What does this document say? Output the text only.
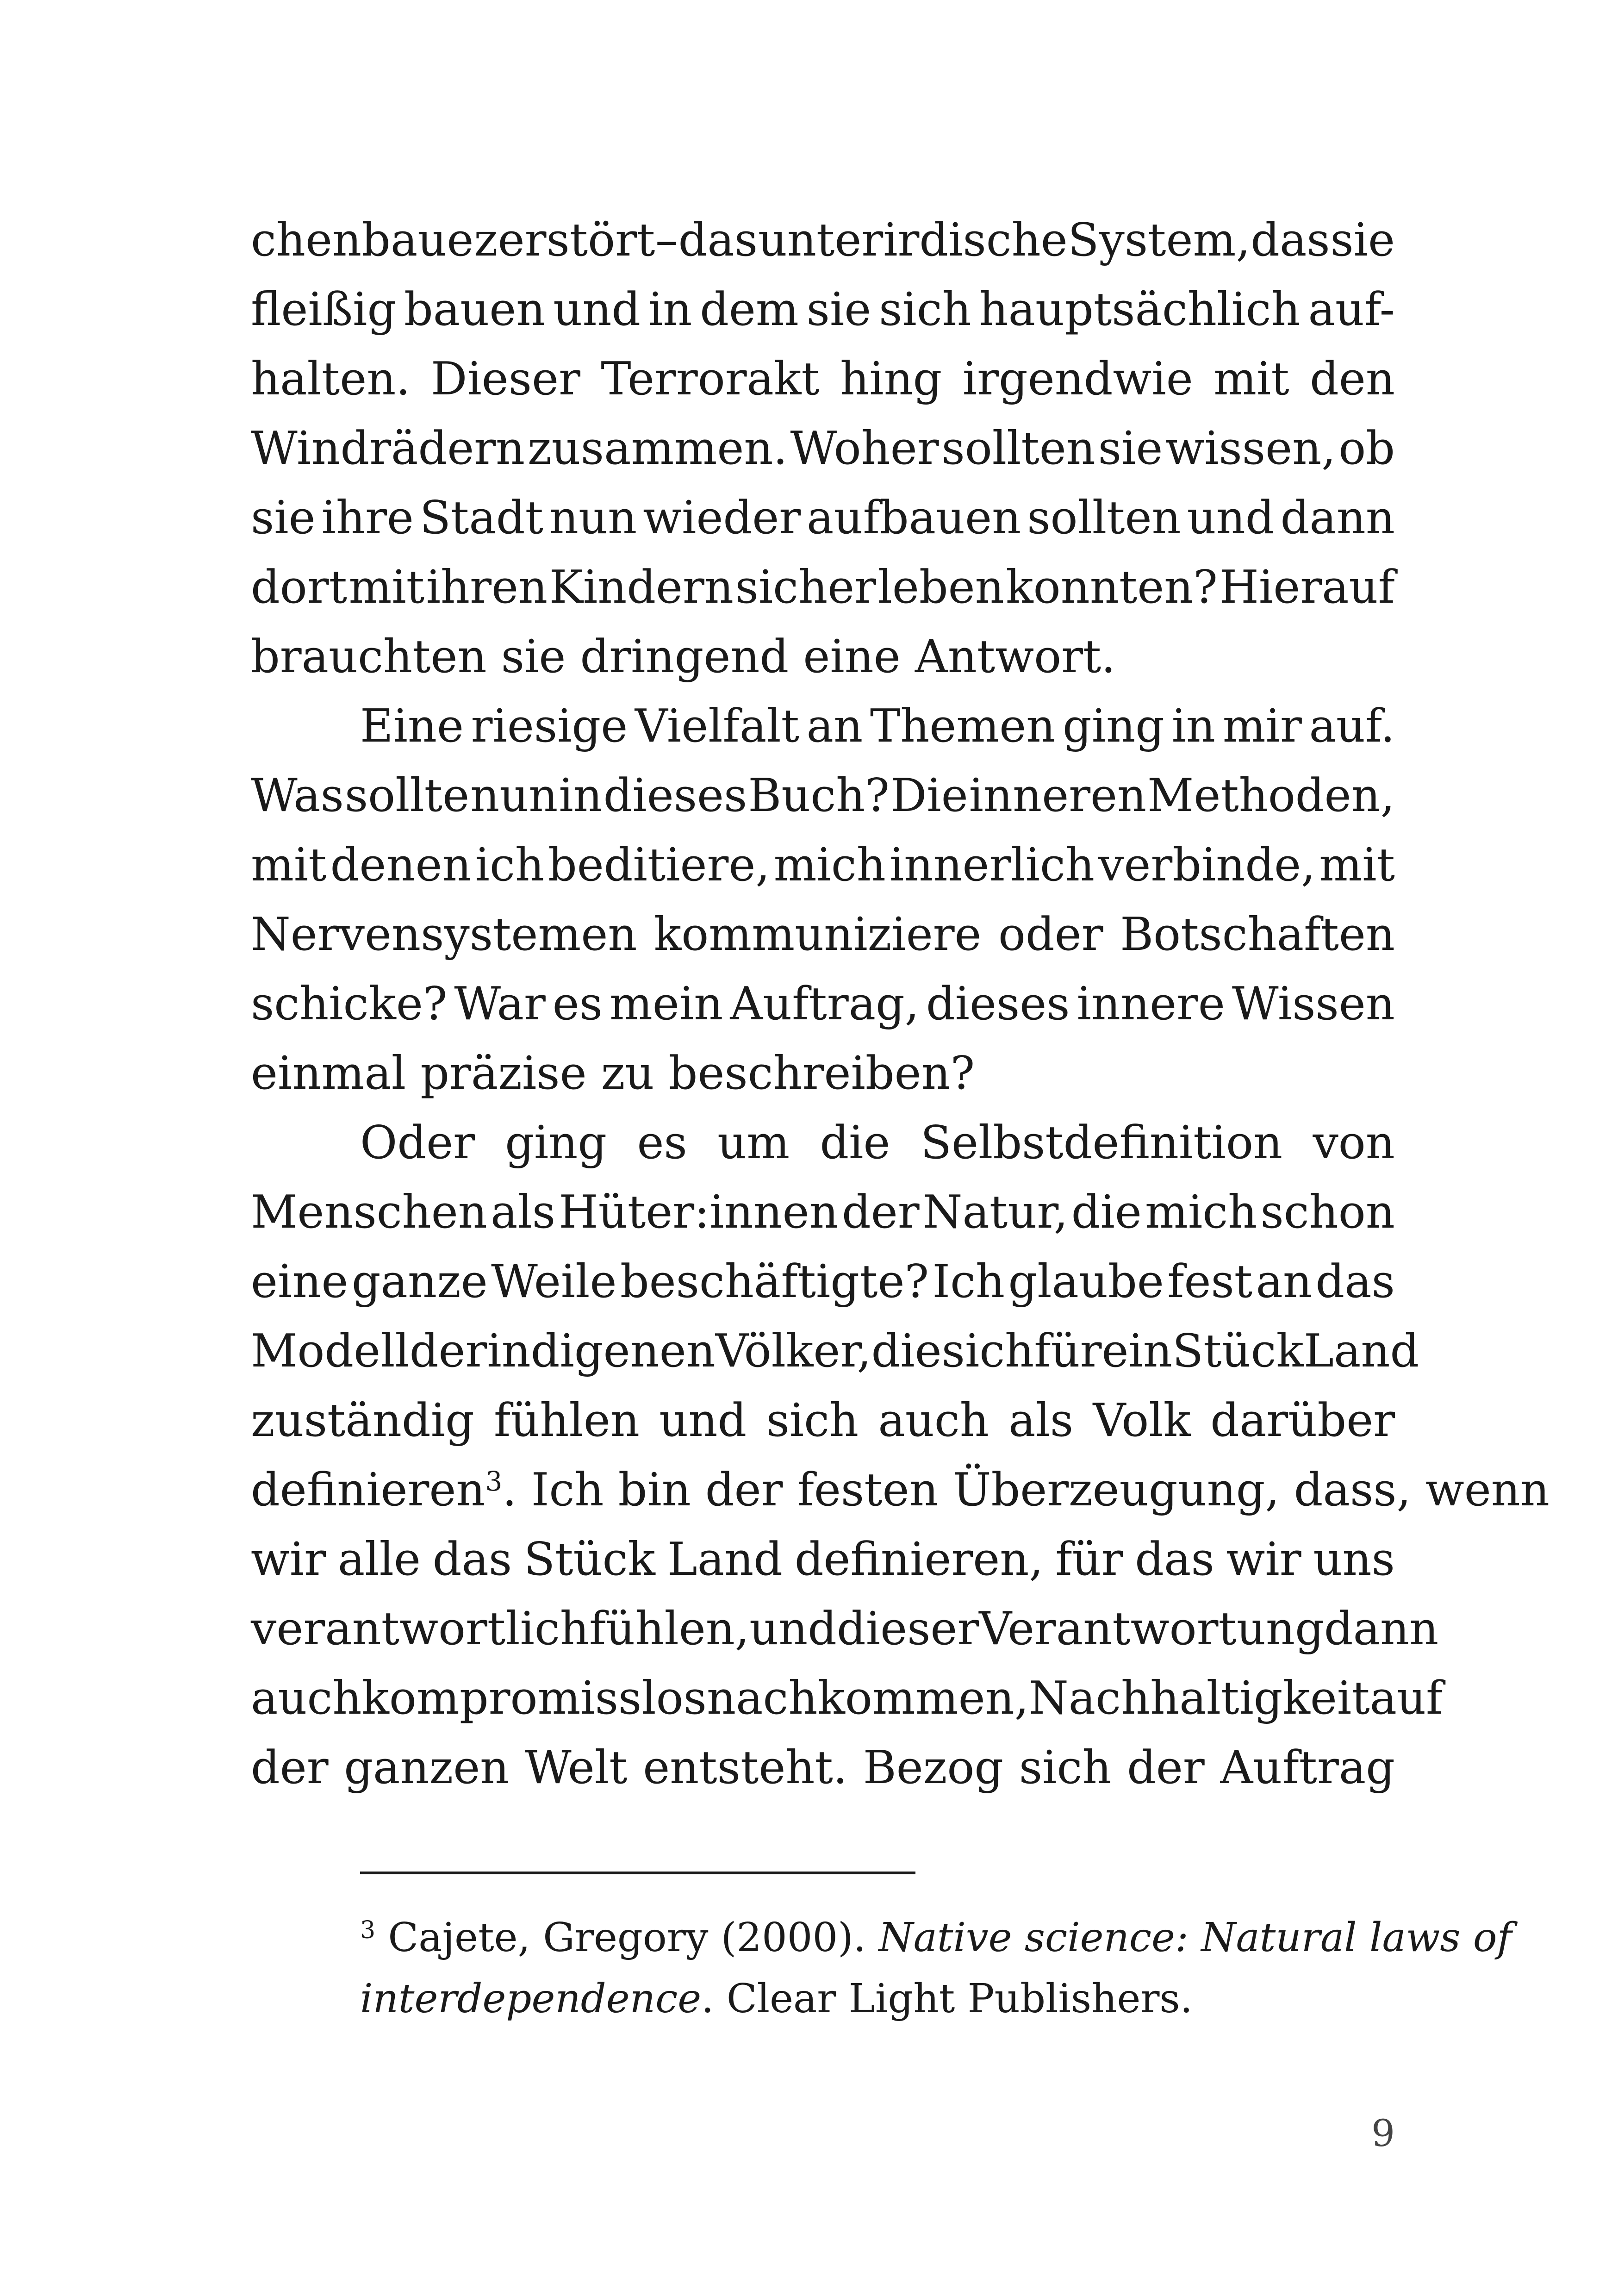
chenbaue zerstört – das unterirdische System, das sie
fleißig bauen und in dem sie sich hauptsächlich auf-
halten. Dieser Terrorakt hing irgendwie mit den
Windrädern zusammen. Woher sollten sie wissen, ob
sie ihre Stadt nun wieder aufbauen sollten und dann
dort mit ihren Kindern sicher leben konnten? Hierauf
brauchten sie dringend eine Antwort.
Eine riesige Vielfalt an Themen ging in mir auf.
Was sollte nun in dieses Buch? Die inneren Methoden,
mit denen ich beditiere, mich innerlich verbinde, mit
Nervensystemen kommuniziere oder Botschaften
schicke? War es mein Auftrag, dieses innere Wissen
einmal präzise zu beschreiben?
Oder ging es um die Selbstdefinition von
Menschen als Hüter:innen der Natur, die mich schon
eine ganze Weile beschäftigte? Ich glaube fest an das
Modell der indigenen Völker, die sich für ein Stück Land
zuständig fühlen und sich auch als Volk darüber
definieren$^3$. Ich bin der festen Überzeugung, dass, wenn
wir alle das Stück Land definieren, für das wir uns
verantwortlich fühlen, und dieser Verantwortung dann
auch kompromisslos nachkommen, Nachhaltigkeit auf
der ganzen Welt entsteht. Bezog sich der Auftrag
$^3$ Cajete, Gregory (2000). Native science: Natural laws of
interdependence. Clear Light Publishers.
9
